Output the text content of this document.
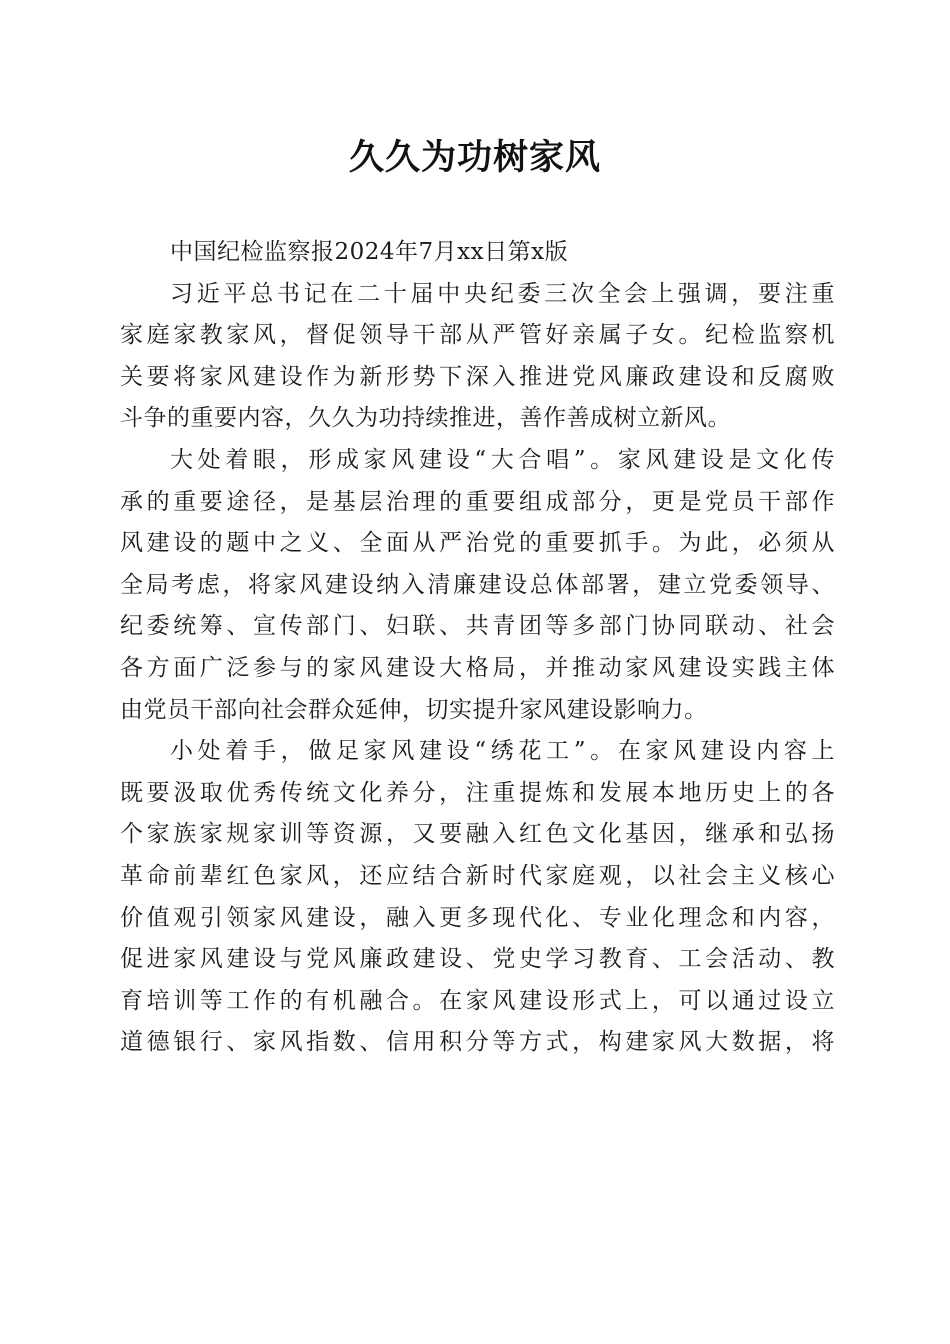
久久为功树家风
中国纪检监察报2024年7月xx日第x版
习近平总书记在二十届中央纪委三次全会上强调，要注重
家庭家教家风，督促领导干部从严管好亲属子女。纪检监察机
关要将家风建设作为新形势下深入推进党风廉政建设和反腐败
斗争的重要内容，久久为功持续推进，善作善成树立新风。
大处着眼，形成家风建设“大合唱”。家风建设是文化传
承的重要途径，是基层治理的重要组成部分，更是党员干部作
风建设的题中之义、全面从严治党的重要抓手。为此，必须从
全局考虑，将家风建设纳入清廉建设总体部署，建立党委领导、
纪委统筹、宣传部门、妇联、共青团等多部门协同联动、社会
各方面广泛参与的家风建设大格局，并推动家风建设实践主体
由党员干部向社会群众延伸，切实提升家风建设影响力。
小处着手，做足家风建设“绣花工”。在家风建设内容上
既要汲取优秀传统文化养分，注重提炼和发展本地历史上的各
个家族家规家训等资源，又要融入红色文化基因，继承和弘扬
革命前辈红色家风，还应结合新时代家庭观，以社会主义核心
价值观引领家风建设，融入更多现代化、专业化理念和内容，
促进家风建设与党风廉政建设、党史学习教育、工会活动、教
育培训等工作的有机融合。在家风建设形式上，可以通过设立
道德银行、家风指数、信用积分等方式，构建家风大数据，将
